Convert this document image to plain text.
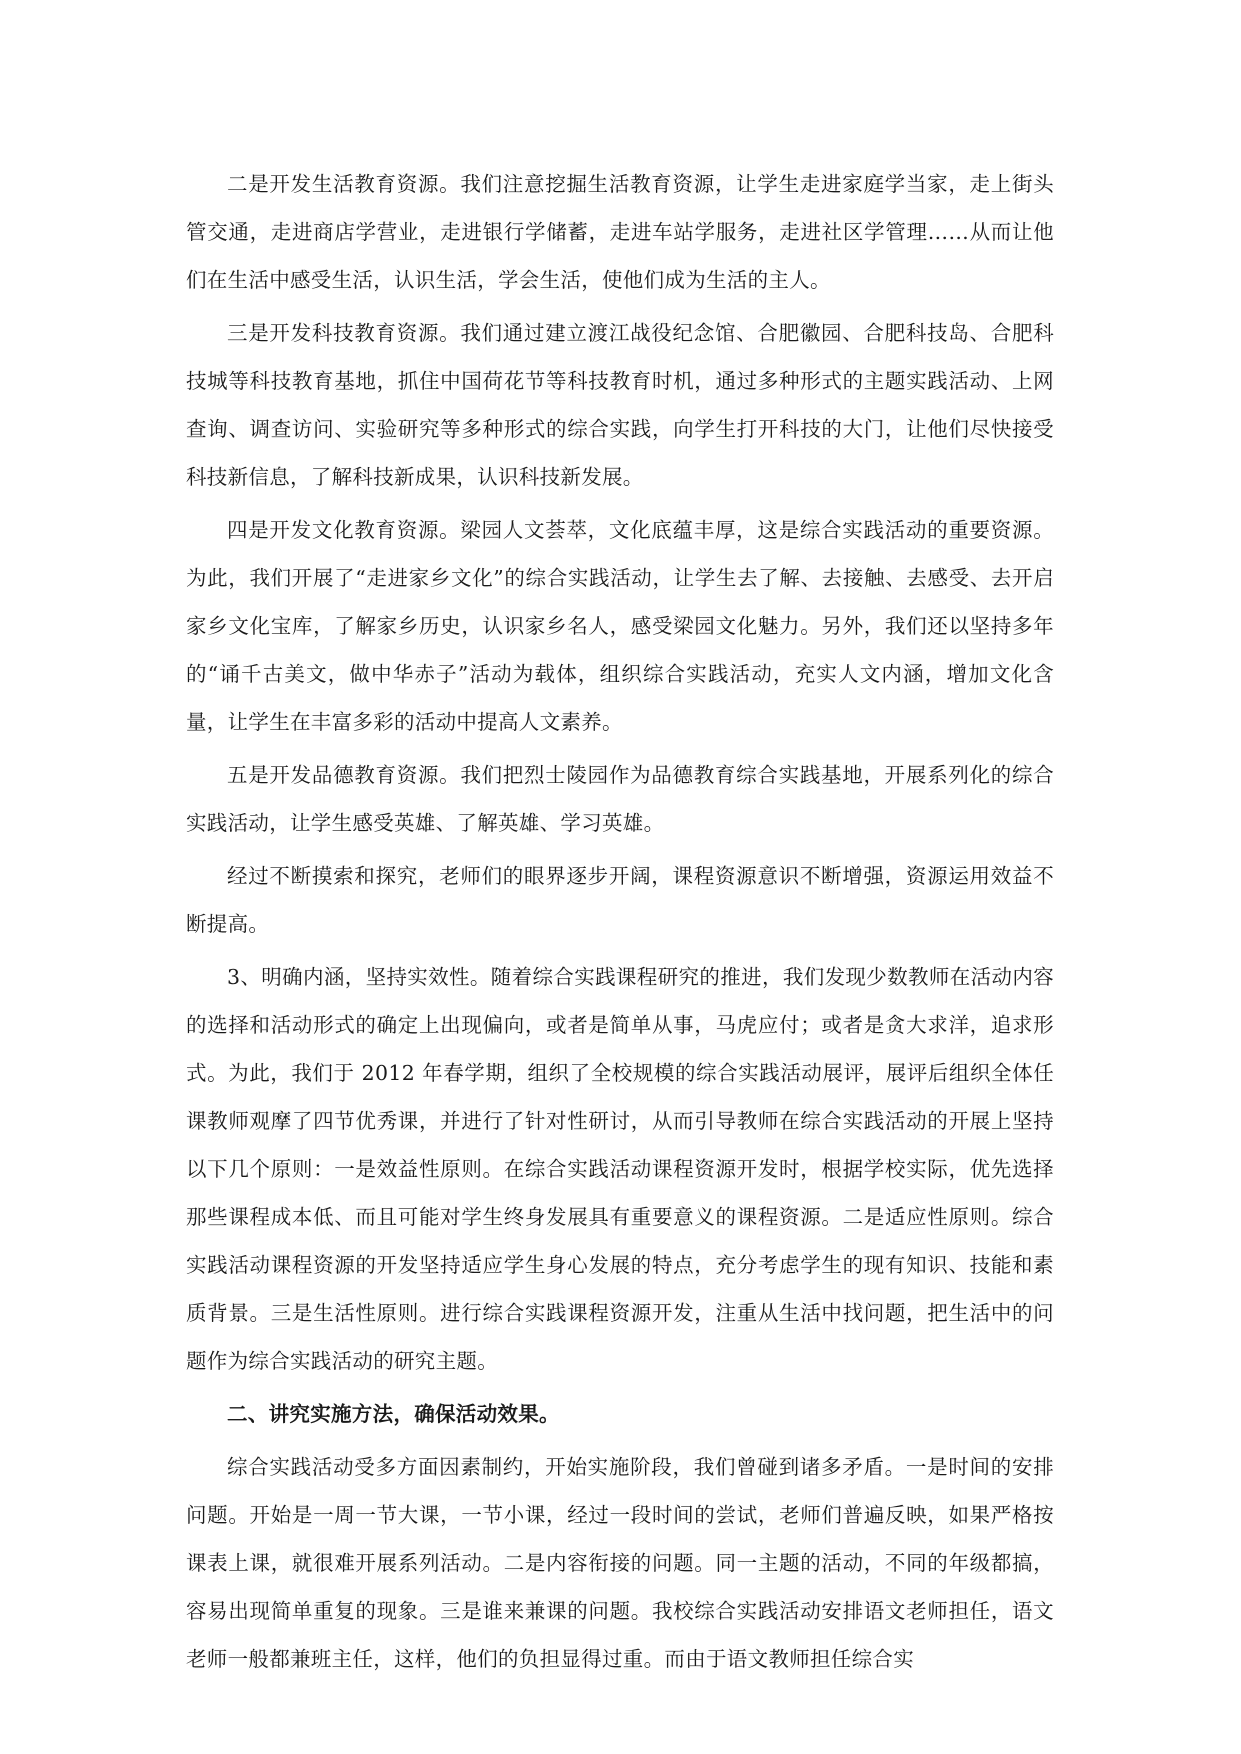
二是开发生活教育资源。我们注意挖掘生活教育资源，让学生走进家庭学当家，走上街头管交通，走进商店学营业，走进银行学储蓄，走进车站学服务，走进社区学管理……从而让他们在生活中感受生活，认识生活，学会生活，使他们成为生活的主人。

三是开发科技教育资源。我们通过建立渡江战役纪念馆、合肥徽园、合肥科技岛、合肥科技城等科技教育基地，抓住中国荷花节等科技教育时机，通过多种形式的主题实践活动、上网查询、调查访问、实验研究等多种形式的综合实践，向学生打开科技的大门，让他们尽快接受科技新信息，了解科技新成果，认识科技新发展。

四是开发文化教育资源。梁园人文荟萃，文化底蕴丰厚，这是综合实践活动的重要资源。为此，我们开展了“走进家乡文化”的综合实践活动，让学生去了解、去接触、去感受、去开启家乡文化宝库，了解家乡历史，认识家乡名人，感受梁园文化魅力。另外，我们还以坚持多年的“诵千古美文，做中华赤子”活动为载体，组织综合实践活动，充实人文内涵，增加文化含量，让学生在丰富多彩的活动中提高人文素养。

五是开发品德教育资源。我们把烈士陵园作为品德教育综合实践基地，开展系列化的综合实践活动，让学生感受英雄、了解英雄、学习英雄。

经过不断摸索和探究，老师们的眼界逐步开阔，课程资源意识不断增强，资源运用效益不断提高。

3、明确内涵，坚持实效性。随着综合实践课程研究的推进，我们发现少数教师在活动内容的选择和活动形式的确定上出现偏向，或者是简单从事，马虎应付；或者是贪大求洋，追求形式。为此，我们于 2012 年春学期，组织了全校规模的综合实践活动展评，展评后组织全体任课教师观摩了四节优秀课，并进行了针对性研讨，从而引导教师在综合实践活动的开展上坚持以下几个原则：一是效益性原则。在综合实践活动课程资源开发时，根据学校实际，优先选择那些课程成本低、而且可能对学生终身发展具有重要意义的课程资源。二是适应性原则。综合实践活动课程资源的开发坚持适应学生身心发展的特点，充分考虑学生的现有知识、技能和素质背景。三是生活性原则。进行综合实践课程资源开发，注重从生活中找问题，把生活中的问题作为综合实践活动的研究主题。

二、讲究实施方法，确保活动效果。

综合实践活动受多方面因素制约，开始实施阶段，我们曾碰到诸多矛盾。一是时间的安排问题。开始是一周一节大课，一节小课，经过一段时间的尝试，老师们普遍反映，如果严格按课表上课，就很难开展系列活动。二是内容衔接的问题。同一主题的活动，不同的年级都搞，容易出现简单重复的现象。三是谁来兼课的问题。我校综合实践活动安排语文老师担任，语文老师一般都兼班主任，这样，他们的负担显得过重。而由于语文教师担任综合实
